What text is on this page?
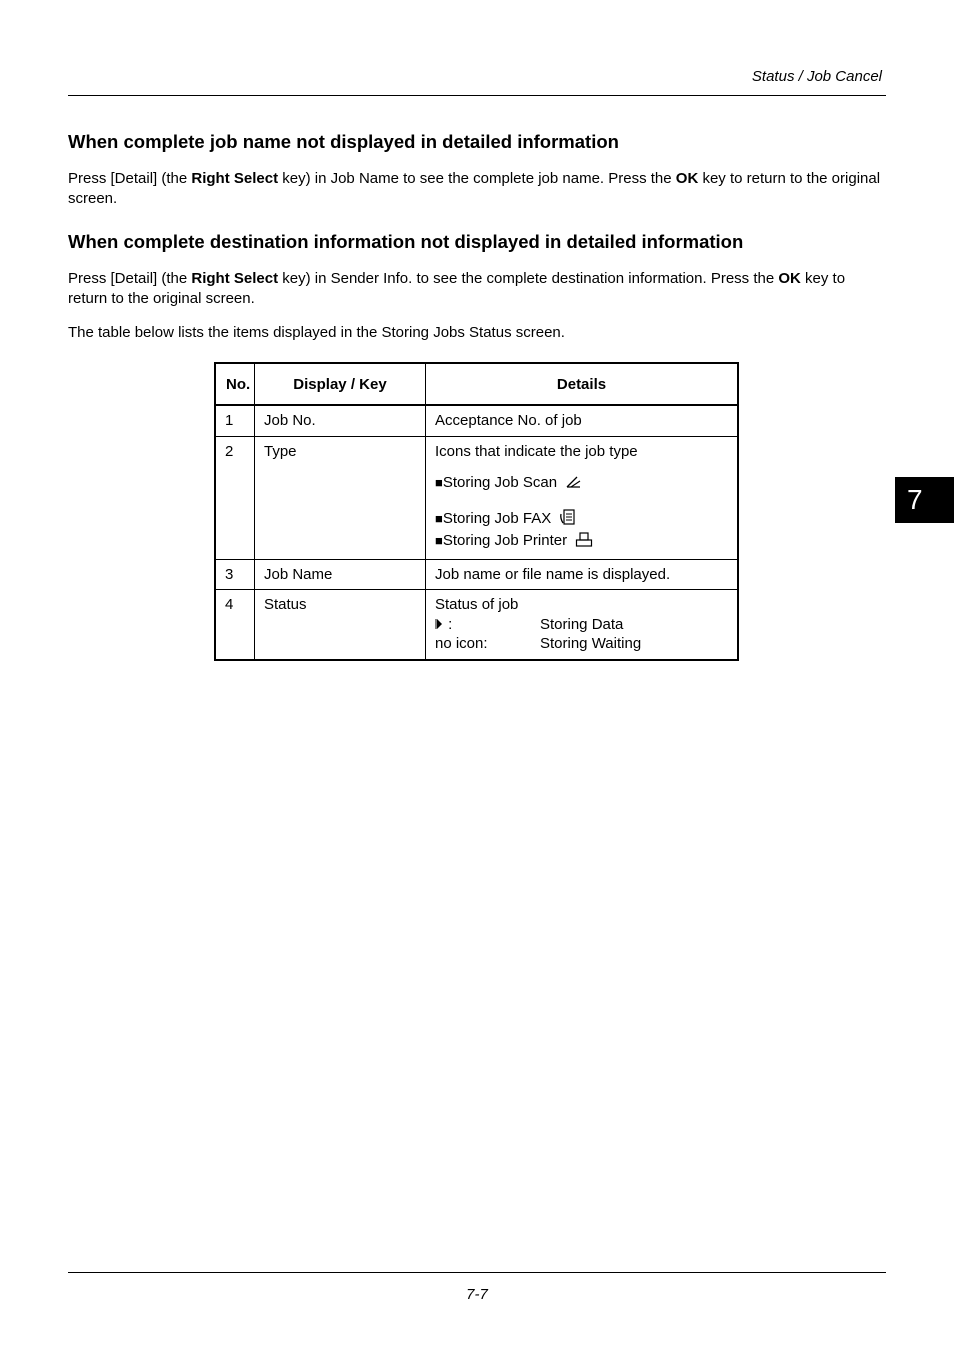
Status / Job Cancel
7
When complete job name not displayed in detailed information

Press [Detail] (the Right Select key) in Job Name to see the complete job name. Press the OK key to return to the original screen.

When complete destination information not displayed in detailed information

Press [Detail] (the Right Select key) in Sender Info. to see the complete destination information. Press the OK key to return to the original screen.

The table below lists the items displayed in the Storing Jobs Status screen.

No.	Display / Key	Details
1	Job No.	Acceptance No. of job
2	Type	Icons that indicate the job type
■Storing Job Scan
■Storing Job FAX
■Storing Job Printer

3	Job Name	Job name or file name is displayed.
4	Status	Status of job
: Storing Data
no icon: Storing Waiting
7-7
